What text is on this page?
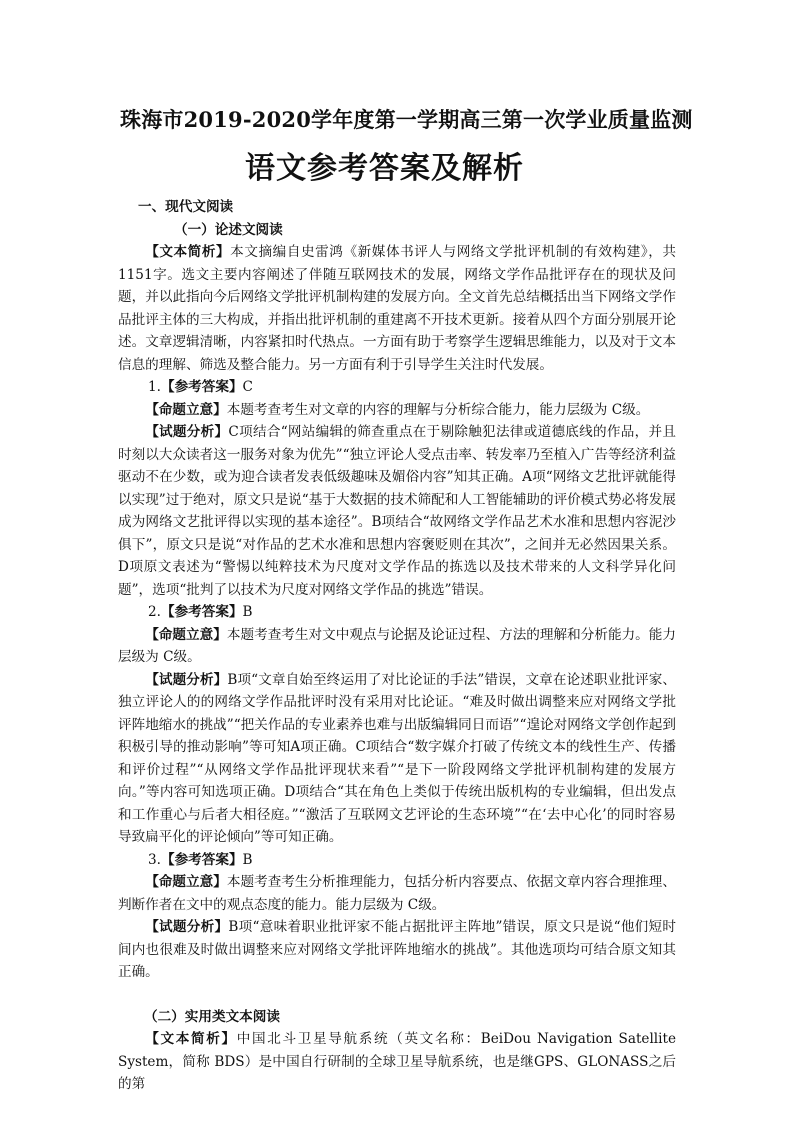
珠海市2019-2020学年度第一学期高三第一次学业质量监测
语文参考答案及解析

一、现代文阅读

（一）论述文阅读

【文本简析】本文摘编自史雷鸿《新媒体书评人与网络文学批评机制的有效构建》，共1151字。选文主要内容阐述了伴随互联网技术的发展，网络文学作品批评存在的现状及问题，并以此指向今后网络文学批评机制构建的发展方向。全文首先总结概括出当下网络文学作品批评主体的三大构成，并指出批评机制的重建离不开技术更新。接着从四个方面分别展开论述。文章逻辑清晰，内容紧扣时代热点。一方面有助于考察学生逻辑思维能力，以及对于文本信息的理解、筛选及整合能力。另一方面有利于引导学生关注时代发展。

1.【参考答案】C

【命题立意】本题考查考生对文章的内容的理解与分析综合能力，能力层级为 C级。

【试题分析】C项结合“网站编辑的筛查重点在于剔除触犯法律或道德底线的作品，并且时刻以大众读者这一服务对象为优先”“独立评论人受点击率、转发率乃至植入广告等经济利益驱动不在少数，或为迎合读者发表低级趣味及媚俗内容”知其正确。A项“网络文艺批评就能得以实现”过于绝对，原文只是说“基于大数据的技术筛配和人工智能辅助的评价模式势必将发展成为网络文艺批评得以实现的基本途径”。B项结合“故网络文学作品艺术水准和思想内容泥沙俱下”，原文只是说“对作品的艺术水准和思想内容褒贬则在其次”，之间并无必然因果关系。D项原文表述为“警惕以纯粹技术为尺度对文学作品的拣选以及技术带来的人文科学异化问题”，选项“批判了以技术为尺度对网络文学作品的挑选”错误。

2.【参考答案】B

【命题立意】本题考查考生对文中观点与论据及论证过程、方法的理解和分析能力。能力层级为 C级。

【试题分析】B项“文章自始至终运用了对比论证的手法”错误，文章在论述职业批评家、独立评论人的的网络文学作品批评时没有采用对比论证。“难及时做出调整来应对网络文学批评阵地缩水的挑战”“把关作品的专业素养也难与出版编辑同日而语”“遑论对网络文学创作起到积极引导的推动影响”等可知A项正确。C项结合“数字媒介打破了传统文本的线性生产、传播和评价过程”“从网络文学作品批评现状来看”“是下一阶段网络文学批评机制构建的发展方向。”等内容可知选项正确。D项结合“其在角色上类似于传统出版机构的专业编辑，但出发点和工作重心与后者大相径庭。”“激活了互联网文艺评论的生态环境”“在‘去中心化’的同时容易导致扁平化的评论倾向”等可知正确。

3.【参考答案】B

【命题立意】本题考查考生分析推理能力，包括分析内容要点、依据文章内容合理推理、判断作者在文中的观点态度的能力。能力层级为 C级。

【试题分析】B项“意味着职业批评家不能占据批评主阵地”错误，原文只是说“他们短时间内也很难及时做出调整来应对网络文学批评阵地缩水的挑战”。其他选项均可结合原文知其正确。

（二）实用类文本阅读

【文本简析】中国北斗卫星导航系统（英文名称：BeiDou Navigation Satellite System，简称 BDS）是中国自行研制的全球卫星导航系统，也是继GPS、GLONASS之后的第
